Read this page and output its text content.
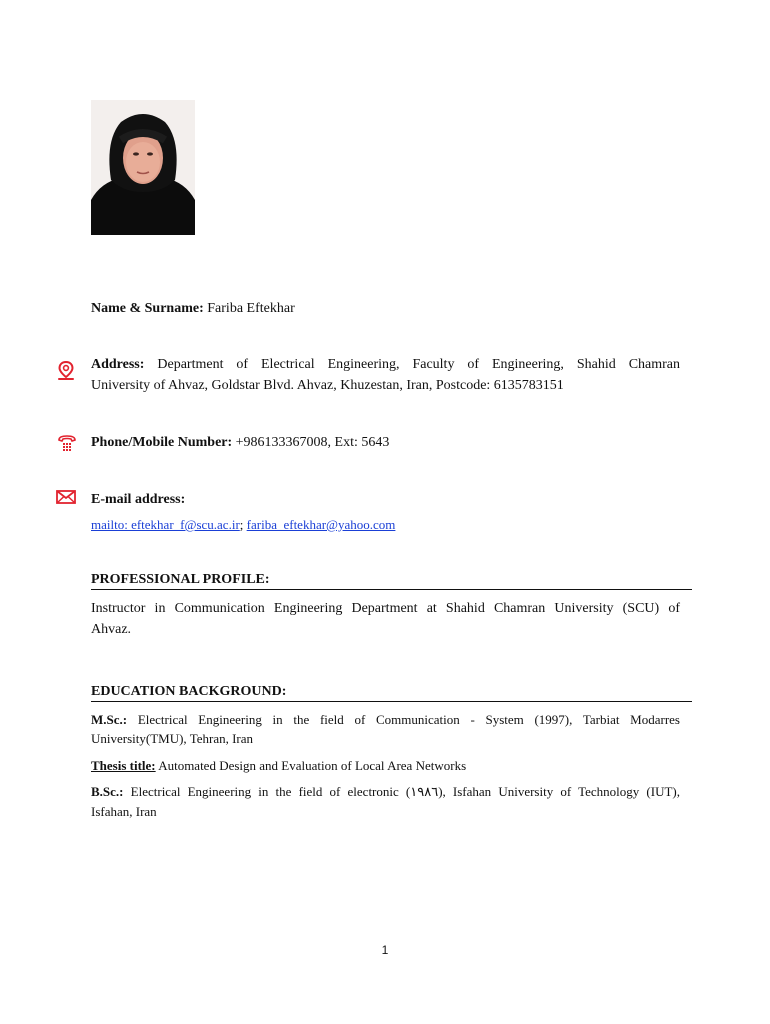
Name & Surname: Fariba Eftekhar
Address: Department of Electrical Engineering, Faculty of Engineering, Shahid Chamran
University of Ahvaz, Goldstar Blvd. Ahvaz, Khuzestan, Iran, Postcode: 6135783151
Phone/Mobile Number: +986133367008, Ext: 5643
E-mail address:
mailto: eftekhar_f@scu.ac.ir; fariba_eftekhar@yahoo.com
PROFESSIONAL PROFILE:
Instructor in Communication Engineering Department at Shahid Chamran University (SCU) of
Ahvaz.
EDUCATION BACKGROUND:
M.Sc.: Electrical Engineering in the field of Communication - System (1997), Tarbiat Modarres
University(TMU), Tehran, Iran
Thesis title: Automated Design and Evaluation of Local Area Networks
B.Sc.: Electrical Engineering in the field of electronic (١٩٨٦), Isfahan University of Technology (IUT),
Isfahan, Iran
1
